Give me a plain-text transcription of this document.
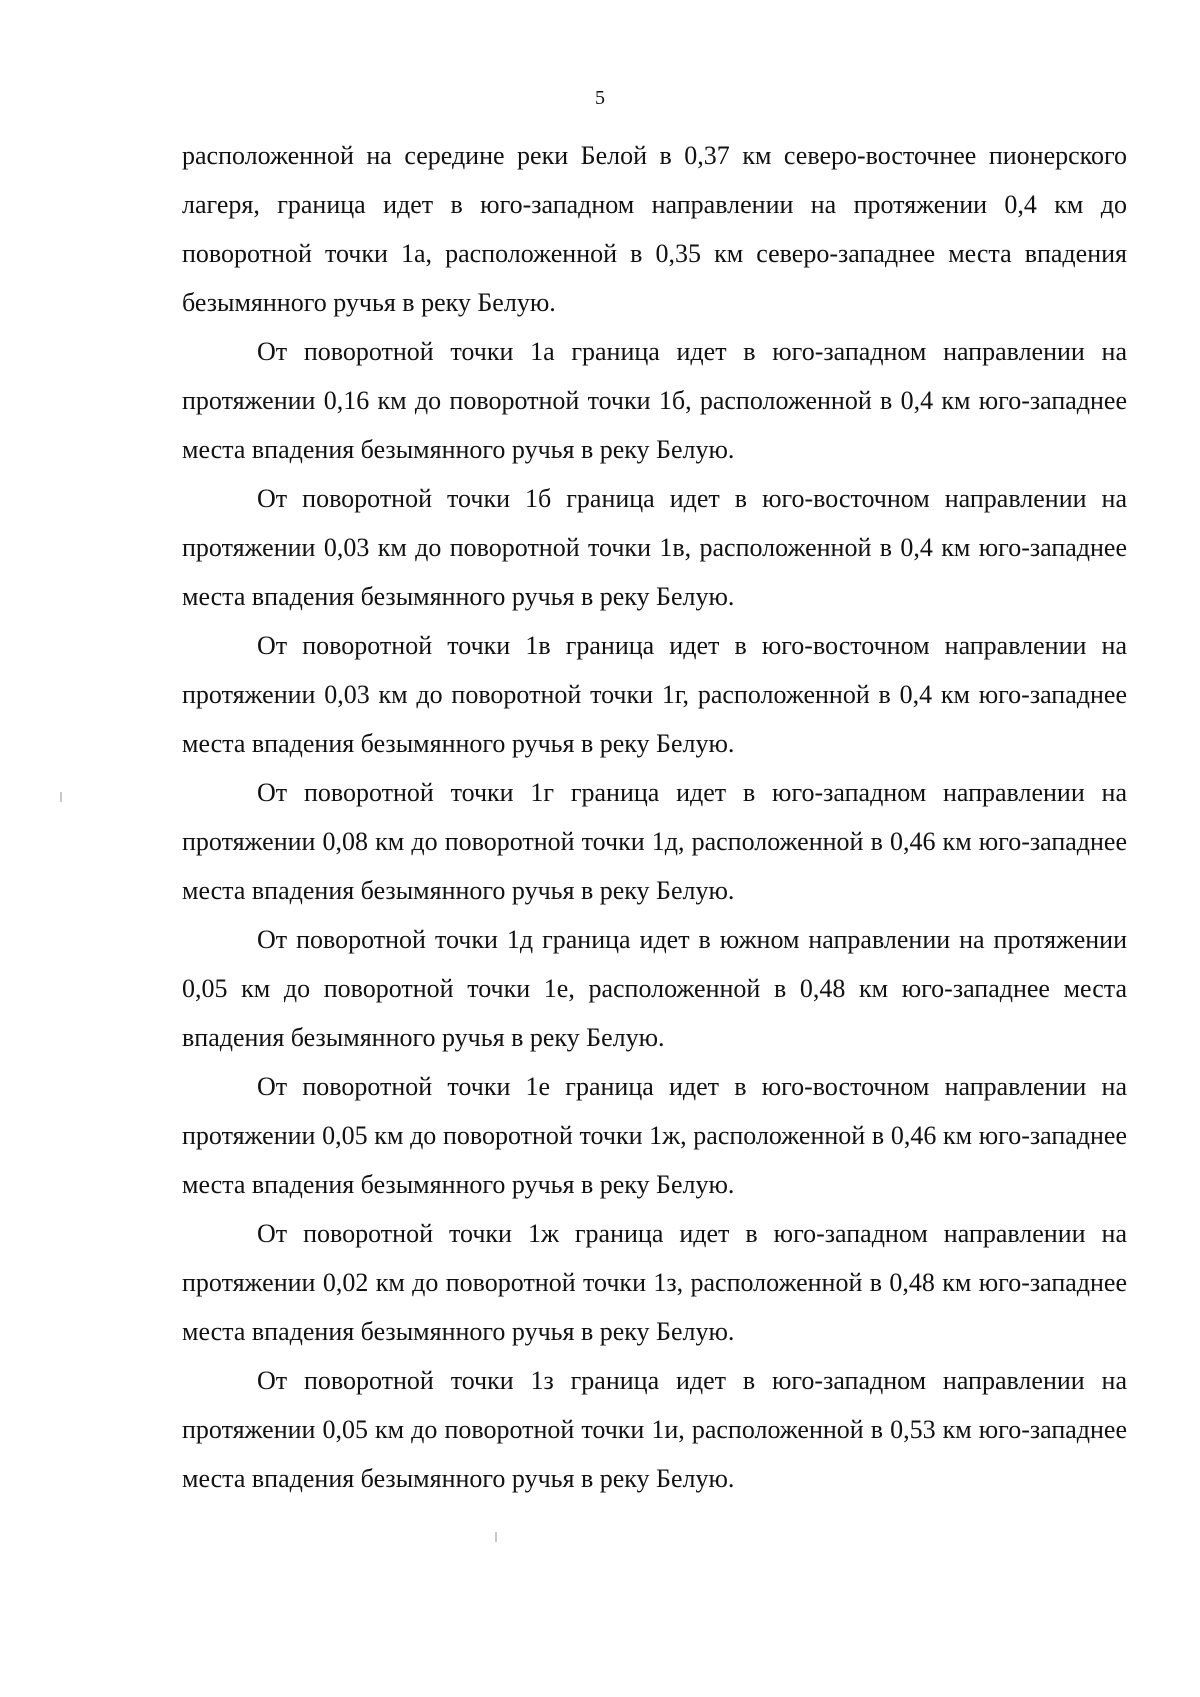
5

расположенной на середине реки Белой в 0,37 км северо-восточнее пионерского лагеря, граница идет в юго-западном направлении на протяжении 0,4 км до поворотной точки 1а, расположенной в 0,35 км северо-западнее места впадения безымянного ручья в реку Белую.

От поворотной точки 1а граница идет в юго-западном направлении на протяжении 0,16 км до поворотной точки 1б, расположенной в 0,4 км юго-западнее места впадения безымянного ручья в реку Белую.

От поворотной точки 1б граница идет в юго-восточном направлении на протяжении 0,03 км до поворотной точки 1в, расположенной в 0,4 км юго-западнее места впадения безымянного ручья в реку Белую.

От поворотной точки 1в граница идет в юго-восточном направлении на протяжении 0,03 км до поворотной точки 1г, расположенной в 0,4 км юго-западнее места впадения безымянного ручья в реку Белую.

От поворотной точки 1г граница идет в юго-западном направлении на протяжении 0,08 км до поворотной точки 1д, расположенной в 0,46 км юго-западнее места впадения безымянного ручья в реку Белую.

От поворотной точки 1д граница идет в южном направлении на протяжении 0,05 км до поворотной точки 1е, расположенной в 0,48 км юго-западнее места впадения безымянного ручья в реку Белую.

От поворотной точки 1е граница идет в юго-восточном направлении на протяжении 0,05 км до поворотной точки 1ж, расположенной в 0,46 км юго-западнее места впадения безымянного ручья в реку Белую.

От поворотной точки 1ж граница идет в юго-западном направлении на протяжении 0,02 км до поворотной точки 1з, расположенной в 0,48 км юго-западнее места впадения безымянного ручья в реку Белую.

От поворотной точки 1з граница идет в юго-западном направлении на протяжении 0,05 км до поворотной точки 1и, расположенной в 0,53 км юго-западнее места впадения безымянного ручья в реку Белую.
